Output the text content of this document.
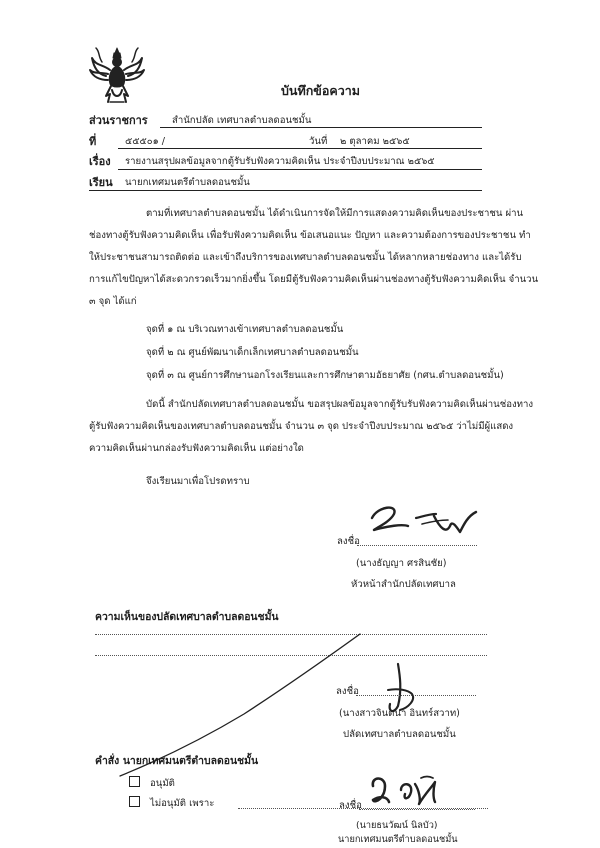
บันทึกข้อความ
ส่วนราชการ	สำนักปลัด เทศบาลตำบลดอนชมั้น
ที่	๕๕๕๐๑ /	วันที่ ๒ ตุลาคม ๒๕๖๕
เรื่อง รายงานสรุปผลข้อมูลจากตู้รับรับฟังความคิดเห็น ประจำปีงบประมาณ ๒๕๖๕
เรียน นายกเทศมนตรีตำบลดอนชมั้น
ตามที่เทศบาลตำบลดอนชมั้น ได้ดำเนินการจัดให้มีการแสดงความคิดเห็นของประชาชน ผ่าน
ช่องทางตู้รับฟังความคิดเห็น เพื่อรับฟังความคิดเห็น ข้อเสนอแนะ ปัญหา และความต้องการของประชาชน ทำ
ให้ประชาชนสามารถติดต่อ และเข้าถึงบริการของเทศบาลตำบลดอนชมั้น ได้หลากหลายช่องทาง และได้รับ
การแก้ไขปัญหาได้สะดวกรวดเร็วมากยิ่งขึ้น โดยมีตู้รับฟังความคิดเห็นผ่านช่องทางตู้รับฟังความคิดเห็น จำนวน
๓ จุด ได้แก่
จุดที่ ๑ ณ บริเวณทางเข้าเทศบาลตำบลดอนชมั้น
จุดที่ ๒ ณ ศูนย์พัฒนาเด็กเล็กเทศบาลตำบลดอนชมั้น
จุดที่ ๓ ณ ศูนย์การศึกษานอกโรงเรียนและการศึกษาตามอัธยาศัย (กศน.ตำบลดอนชมั้น)
บัดนี้ สำนักปลัดเทศบาลตำบลดอนชมั้น ขอสรุปผลข้อมูลจากตู้รับรับฟังความคิดเห็นผ่านช่องทาง
ตู้รับฟังความคิดเห็นของเทศบาลตำบลดอนชมั้น จำนวน ๓ จุด ประจำปีงบประมาณ ๒๕๖๕ ว่าไม่มีผู้แสดง
ความคิดเห็นผ่านกล่องรับฟังความคิดเห็น แต่อย่างใด
จึงเรียนมาเพื่อโปรดทราบ
ลงชื่อ
(นางธัญญา ศรสินชัย)
หัวหน้าสำนักปลัดเทศบาล
ความเห็นของปลัดเทศบาลตำบลดอนชมั้น
ลงชื่อ
(นางสาวจินตนา อินทร์สวาท)
ปลัดเทศบาลตำบลดอนชมั้น
คำสั่ง นายกเทศมนตรีตำบลดอนชมั้น
อนุมัติ
ไม่อนุมัติ เพราะ	ลงชื่อ
(นายธนวัฒน์ นิลบัว)
นายกเทศมนตรีตำบลดอนชมั้น
